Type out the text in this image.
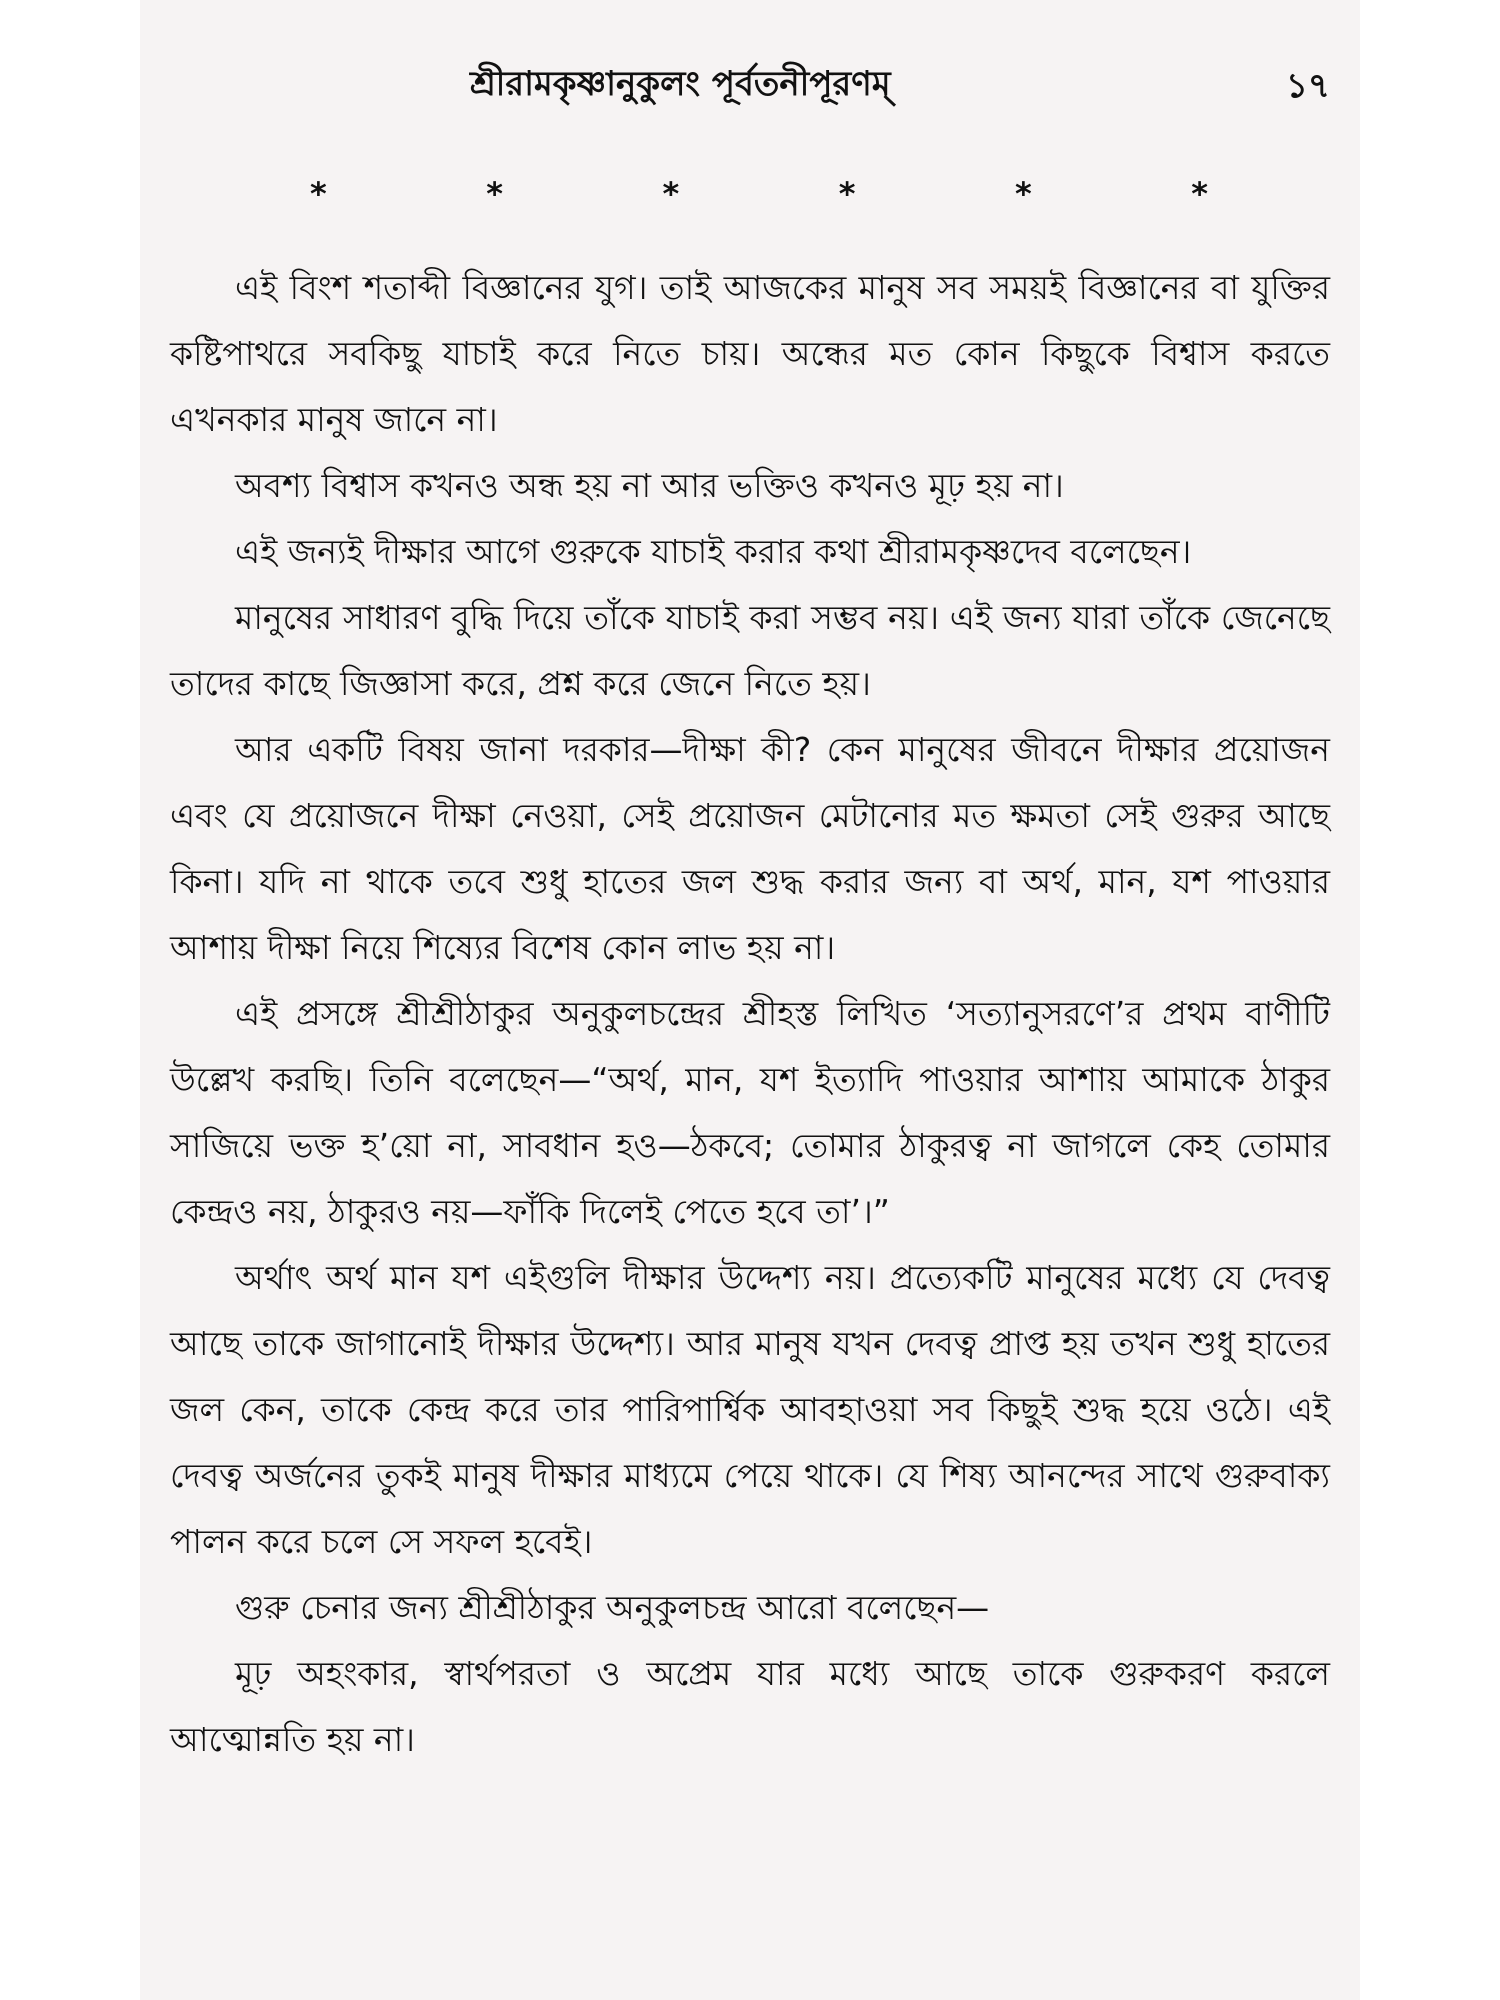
শ্রীরামকৃষ্ণানুকুলং পূর্বতনীপূরণম্	১৭
* * * * * *

এই বিংশ শতাব্দী বিজ্ঞানের যুগ। তাই আজকের মানুষ সব সময়ই বিজ্ঞানের বা যুক্তির কষ্টিপাথরে সবকিছু যাচাই করে নিতে চায়। অন্ধের মত কোন কিছুকে বিশ্বাস করতে এখনকার মানুষ জানে না।

অবশ্য বিশ্বাস কখনও অন্ধ হয় না আর ভক্তিও কখনও মূঢ় হয় না।

এই জন্যই দীক্ষার আগে গুরুকে যাচাই করার কথা শ্রীরামকৃষ্ণদেব বলেছেন।

মানুষের সাধারণ বুদ্ধি দিয়ে তাঁকে যাচাই করা সম্ভব নয়। এই জন্য যারা তাঁকে জেনেছে তাদের কাছে জিজ্ঞাসা করে, প্রশ্ন করে জেনে নিতে হয়।

আর একটি বিষয় জানা দরকার—দীক্ষা কী? কেন মানুষের জীবনে দীক্ষার প্রয়োজন এবং যে প্রয়োজনে দীক্ষা নেওয়া, সেই প্রয়োজন মেটানোর মত ক্ষমতা সেই গুরুর আছে কিনা। যদি না থাকে তবে শুধু হাতের জল শুদ্ধ করার জন্য বা অর্থ, মান, যশ পাওয়ার আশায় দীক্ষা নিয়ে শিষ্যের বিশেষ কোন লাভ হয় না।

এই প্রসঙ্গে শ্রীশ্রীঠাকুর অনুকুলচন্দ্রের শ্রীহস্ত লিখিত ‘সত্যানুসরণে’র প্রথম বাণীটি উল্লেখ করছি। তিনি বলেছেন—“অর্থ, মান, যশ ইত্যাদি পাওয়ার আশায় আমাকে ঠাকুর সাজিয়ে ভক্ত হ’য়ো না, সাবধান হও—ঠকবে; তোমার ঠাকুরত্ব না জাগলে কেহ তোমার কেন্দ্রও নয়, ঠাকুরও নয়—ফাঁকি দিলেই পেতে হবে তা’।”

অর্থাৎ অর্থ মান যশ এইগুলি দীক্ষার উদ্দেশ্য নয়। প্রত্যেকটি মানুষের মধ্যে যে দেবত্ব আছে তাকে জাগানোই দীক্ষার উদ্দেশ্য। আর মানুষ যখন দেবত্ব প্রাপ্ত হয় তখন শুধু হাতের জল কেন, তাকে কেন্দ্র করে তার পারিপার্শ্বিক আবহাওয়া সব কিছুই শুদ্ধ হয়ে ওঠে। এই দেবত্ব অর্জনের তুকই মানুষ দীক্ষার মাধ্যমে পেয়ে থাকে। যে শিষ্য আনন্দের সাথে গুরুবাক্য পালন করে চলে সে সফল হবেই।

গুরু চেনার জন্য শ্রীশ্রীঠাকুর অনুকুলচন্দ্র আরো বলেছেন—

মূঢ় অহংকার, স্বার্থপরতা ও অপ্রেম যার মধ্যে আছে তাকে গুরুকরণ করলে আত্মোন্নতি হয় না।
